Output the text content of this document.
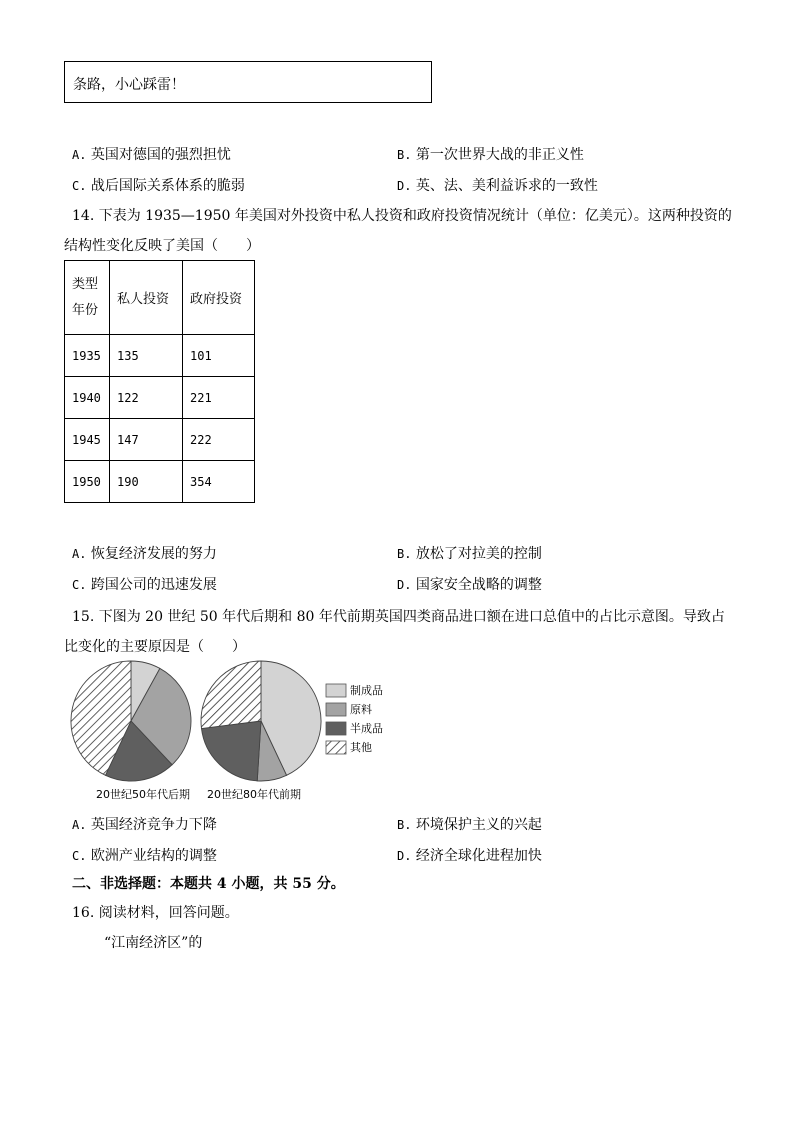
条路，小心踩雷！
A. 英国对德国的强烈担忧	B. 第一次世界大战的非正义性
C. 战后国际关系体系的脆弱	D. 英、法、美利益诉求的一致性
14. 下表为 1935—1950 年美国对外投资中私人投资和政府投资情况统计（单位：亿美元）。这两种投资的
结构性变化反映了美国（　　）
类型
年份	私人投资	政府投资
1935	135	101
1940	122	221
1945	147	222
1950	190	354
A. 恢复经济发展的努力	B. 放松了对拉美的控制
C. 跨国公司的迅速发展	D. 国家安全战略的调整
15. 下图为 20 世纪 50 年代后期和 80 年代前期英国四类商品进口额在进口总值中的占比示意图。导致占
比变化的主要原因是（　　）
制成品
原料
半成品
其他
20世纪50年代后期 20世纪80年代前期
A. 英国经济竞争力下降	B. 环境保护主义的兴起
C. 欧洲产业结构的调整	D. 经济全球化进程加快
二、非选择题：本题共 4 小题，共 55 分。
16. 阅读材料，回答问题。
“江南经济区”的
